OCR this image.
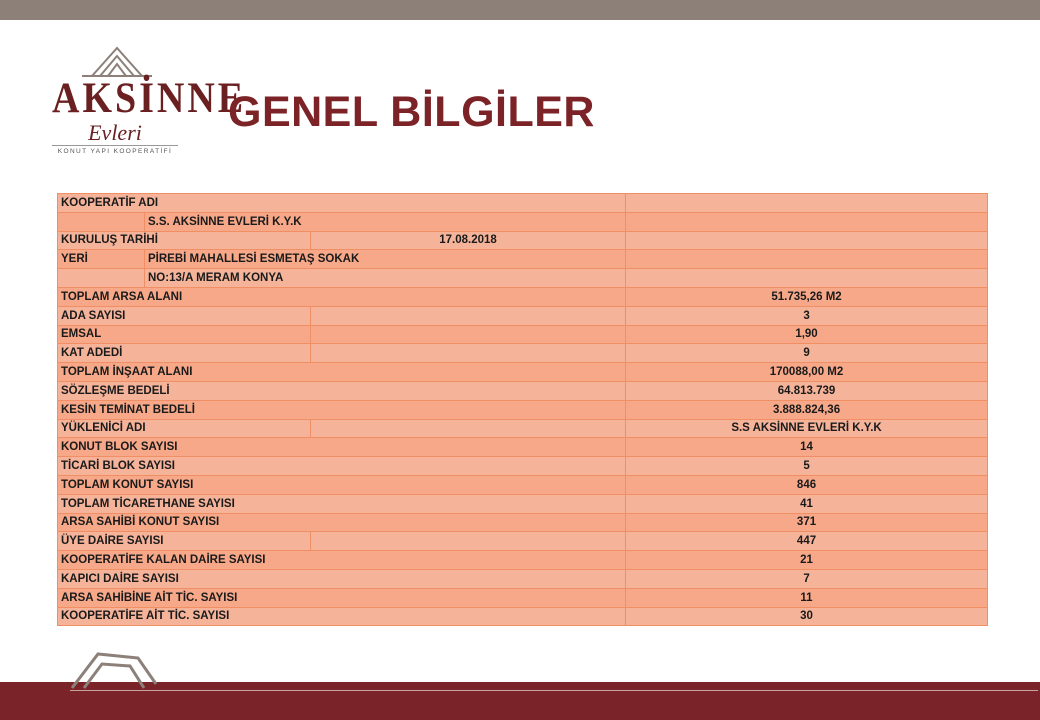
AKSİNNE
Evleri
KONUT YAPI KOOPERATİFİ
GENEL BİLGİLER
KOOPERATİF ADI			
	S.S. AKSİNNE EVLERİ K.Y.K		
KURULUŞ TARİHİ		17.08.2018	
YERİ	PİREBİ MAHALLESİ ESMETAŞ SOKAK		
	NO:13/A MERAM KONYA		
TOPLAM ARSA ALANI			51.735,26 M2
ADA SAYISI			3
EMSAL			1,90
KAT ADEDİ			9
TOPLAM İNŞAAT ALANI			170088,00 M2
SÖZLEŞME BEDELİ			64.813.739
KESİN TEMİNAT BEDELİ			3.888.824,36
YÜKLENİCİ ADI			S.S AKSİNNE EVLERİ K.Y.K
KONUT BLOK SAYISI			14
TİCARİ BLOK SAYISI			5
TOPLAM KONUT SAYISI			846
TOPLAM TİCARETHANE SAYISI			41
ARSA SAHİBİ KONUT SAYISI			371
ÜYE DAİRE SAYISI			447
KOOPERATİFE KALAN DAİRE SAYISI			21
KAPICI DAİRE SAYISI			7
ARSA SAHİBİNE AİT TİC. SAYISI			11
KOOPERATİFE AİT TİC. SAYISI			30
